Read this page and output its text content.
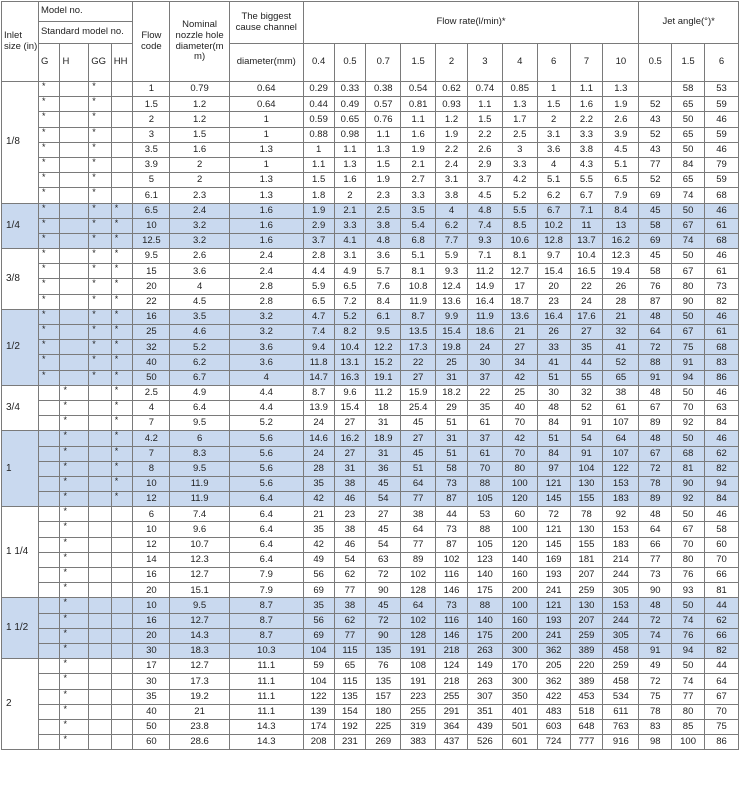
Inlet size (in)	Model no.				Flow code	Nominal nozzle hole diameter(m m)	The biggest cause channel	Flow rate(l/min)*										Jet angle(°)*		
	Standard model no.																			
	G	H	GG	HH			diameter(mm)	0.4	0.5	0.7	1.5	2	3	4	6	7	10	0.5	1.5	6
1/8	*		*		1	0.79	0.64	0.29	0.33	0.38	0.54	0.62	0.74	0.85	1	1.1	1.3		58	53
	*		*		1.5	1.2	0.64	0.44	0.49	0.57	0.81	0.93	1.1	1.3	1.5	1.6	1.9	52	65	59
	*		*		2	1.2	1	0.59	0.65	0.76	1.1	1.2	1.5	1.7	2	2.2	2.6	43	50	46
	*		*		3	1.5	1	0.88	0.98	1.1	1.6	1.9	2.2	2.5	3.1	3.3	3.9	52	65	59
	*		*		3.5	1.6	1.3	1	1.1	1.3	1.9	2.2	2.6	3	3.6	3.8	4.5	43	50	46
	*		*		3.9	2	1	1.1	1.3	1.5	2.1	2.4	2.9	3.3	4	4.3	5.1	77	84	79
	*		*		5	2	1.3	1.5	1.6	1.9	2.7	3.1	3.7	4.2	5.1	5.5	6.5	52	65	59
	*		*		6.1	2.3	1.3	1.8	2	2.3	3.3	3.8	4.5	5.2	6.2	6.7	7.9	69	74	68
1/4	*		*	*	6.5	2.4	1.6	1.9	2.1	2.5	3.5	4	4.8	5.5	6.7	7.1	8.4	45	50	46
	*		*	*	10	3.2	1.6	2.9	3.3	3.8	5.4	6.2	7.4	8.5	10.2	11	13	58	67	61
	*		*	*	12.5	3.2	1.6	3.7	4.1	4.8	6.8	7.7	9.3	10.6	12.8	13.7	16.2	69	74	68
3/8	*		*	*	9.5	2.6	2.4	2.8	3.1	3.6	5.1	5.9	7.1	8.1	9.7	10.4	12.3	45	50	46
	*		*	*	15	3.6	2.4	4.4	4.9	5.7	8.1	9.3	11.2	12.7	15.4	16.5	19.4	58	67	61
	*		*	*	20	4	2.8	5.9	6.5	7.6	10.8	12.4	14.9	17	20	22	26	76	80	73
	*		*	*	22	4.5	2.8	6.5	7.2	8.4	11.9	13.6	16.4	18.7	23	24	28	87	90	82
1/2	*		*	*	16	3.5	3.2	4.7	5.2	6.1	8.7	9.9	11.9	13.6	16.4	17.6	21	48	50	46
	*		*	*	25	4.6	3.2	7.4	8.2	9.5	13.5	15.4	18.6	21	26	27	32	64	67	61
	*		*	*	32	5.2	3.6	9.4	10.4	12.2	17.3	19.8	24	27	33	35	41	72	75	68
	*		*	*	40	6.2	3.6	11.8	13.1	15.2	22	25	30	34	41	44	52	88	91	83
	*		*	*	50	6.7	4	14.7	16.3	19.1	27	31	37	42	51	55	65	91	94	86
3/4		*		*	2.5	4.9	4.4	8.7	9.6	11.2	15.9	18.2	22	25	30	32	38	48	50	46
		*		*	4	6.4	4.4	13.9	15.4	18	25.4	29	35	40	48	52	61	67	70	63
		*		*	7	9.5	5.2	24	27	31	45	51	61	70	84	91	107	89	92	84
1		*		*	4.2	6	5.6	14.6	16.2	18.9	27	31	37	42	51	54	64	48	50	46
		*		*	7	8.3	5.6	24	27	31	45	51	61	70	84	91	107	67	68	62
		*		*	8	9.5	5.6	28	31	36	51	58	70	80	97	104	122	72	81	82
		*		*	10	11.9	5.6	35	38	45	64	73	88	100	121	130	153	78	90	94
		*		*	12	11.9	6.4	42	46	54	77	87	105	120	145	155	183	89	92	84
1 1/4		*			6	7.4	6.4	21	23	27	38	44	53	60	72	78	92	48	50	46
		*			10	9.6	6.4	35	38	45	64	73	88	100	121	130	153	64	67	58
		*			12	10.7	6.4	42	46	54	77	87	105	120	145	155	183	66	70	60
		*			14	12.3	6.4	49	54	63	89	102	123	140	169	181	214	77	80	70
		*			16	12.7	7.9	56	62	72	102	116	140	160	193	207	244	73	76	66
		*			20	15.1	7.9	69	77	90	128	146	175	200	241	259	305	90	93	81
1 1/2		*			10	9.5	8.7	35	38	45	64	73	88	100	121	130	153	48	50	44
		*			16	12.7	8.7	56	62	72	102	116	140	160	193	207	244	72	74	62
		*			20	14.3	8.7	69	77	90	128	146	175	200	241	259	305	74	76	66
		*			30	18.3	10.3	104	115	135	191	218	263	300	362	389	458	91	94	82
2		*			17	12.7	11.1	59	65	76	108	124	149	170	205	220	259	49	50	44
		*			30	17.3	11.1	104	115	135	191	218	263	300	362	389	458	72	74	64
		*			35	19.2	11.1	122	135	157	223	255	307	350	422	453	534	75	77	67
		*			40	21	11.1	139	154	180	255	291	351	401	483	518	611	78	80	70
		*			50	23.8	14.3	174	192	225	319	364	439	501	603	648	763	83	85	75
		*			60	28.6	14.3	208	231	269	383	437	526	601	724	777	916	98	100	86
